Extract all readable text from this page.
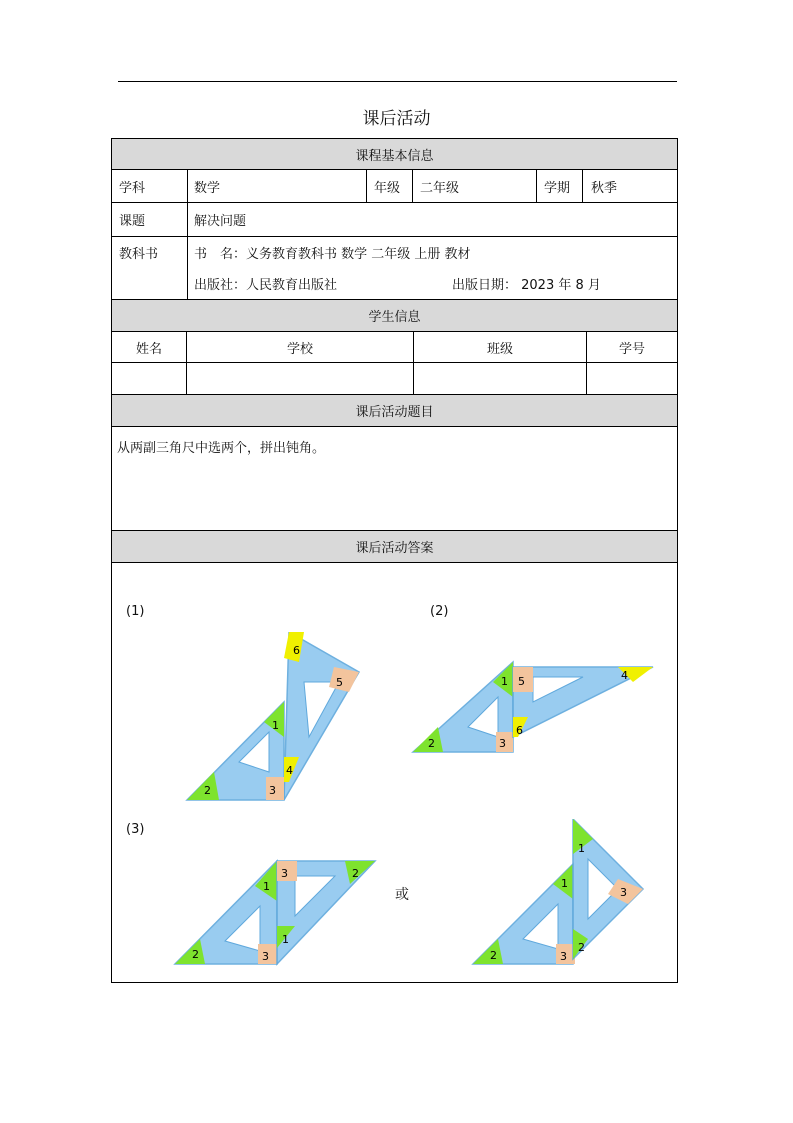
课后活动
课程基本信息
学科	数学	年级	二年级	学期	秋季
课题	解决问题
教科书	书　名：义务教育教科书 数学 二年级 上册 教材
出版社：人民教育出版社	出版日期： 2023 年 8 月
学生信息
姓名	学校	班级	学号
课后活动题目
从两副三角尺中选两个，拼出钝角。
课后活动答案
(1)	(2)
(3)
或
6
5
1
2	3
4
1 5	4
2	3
6
3
1
2
1
2	3
1
1
3
2
2	3
